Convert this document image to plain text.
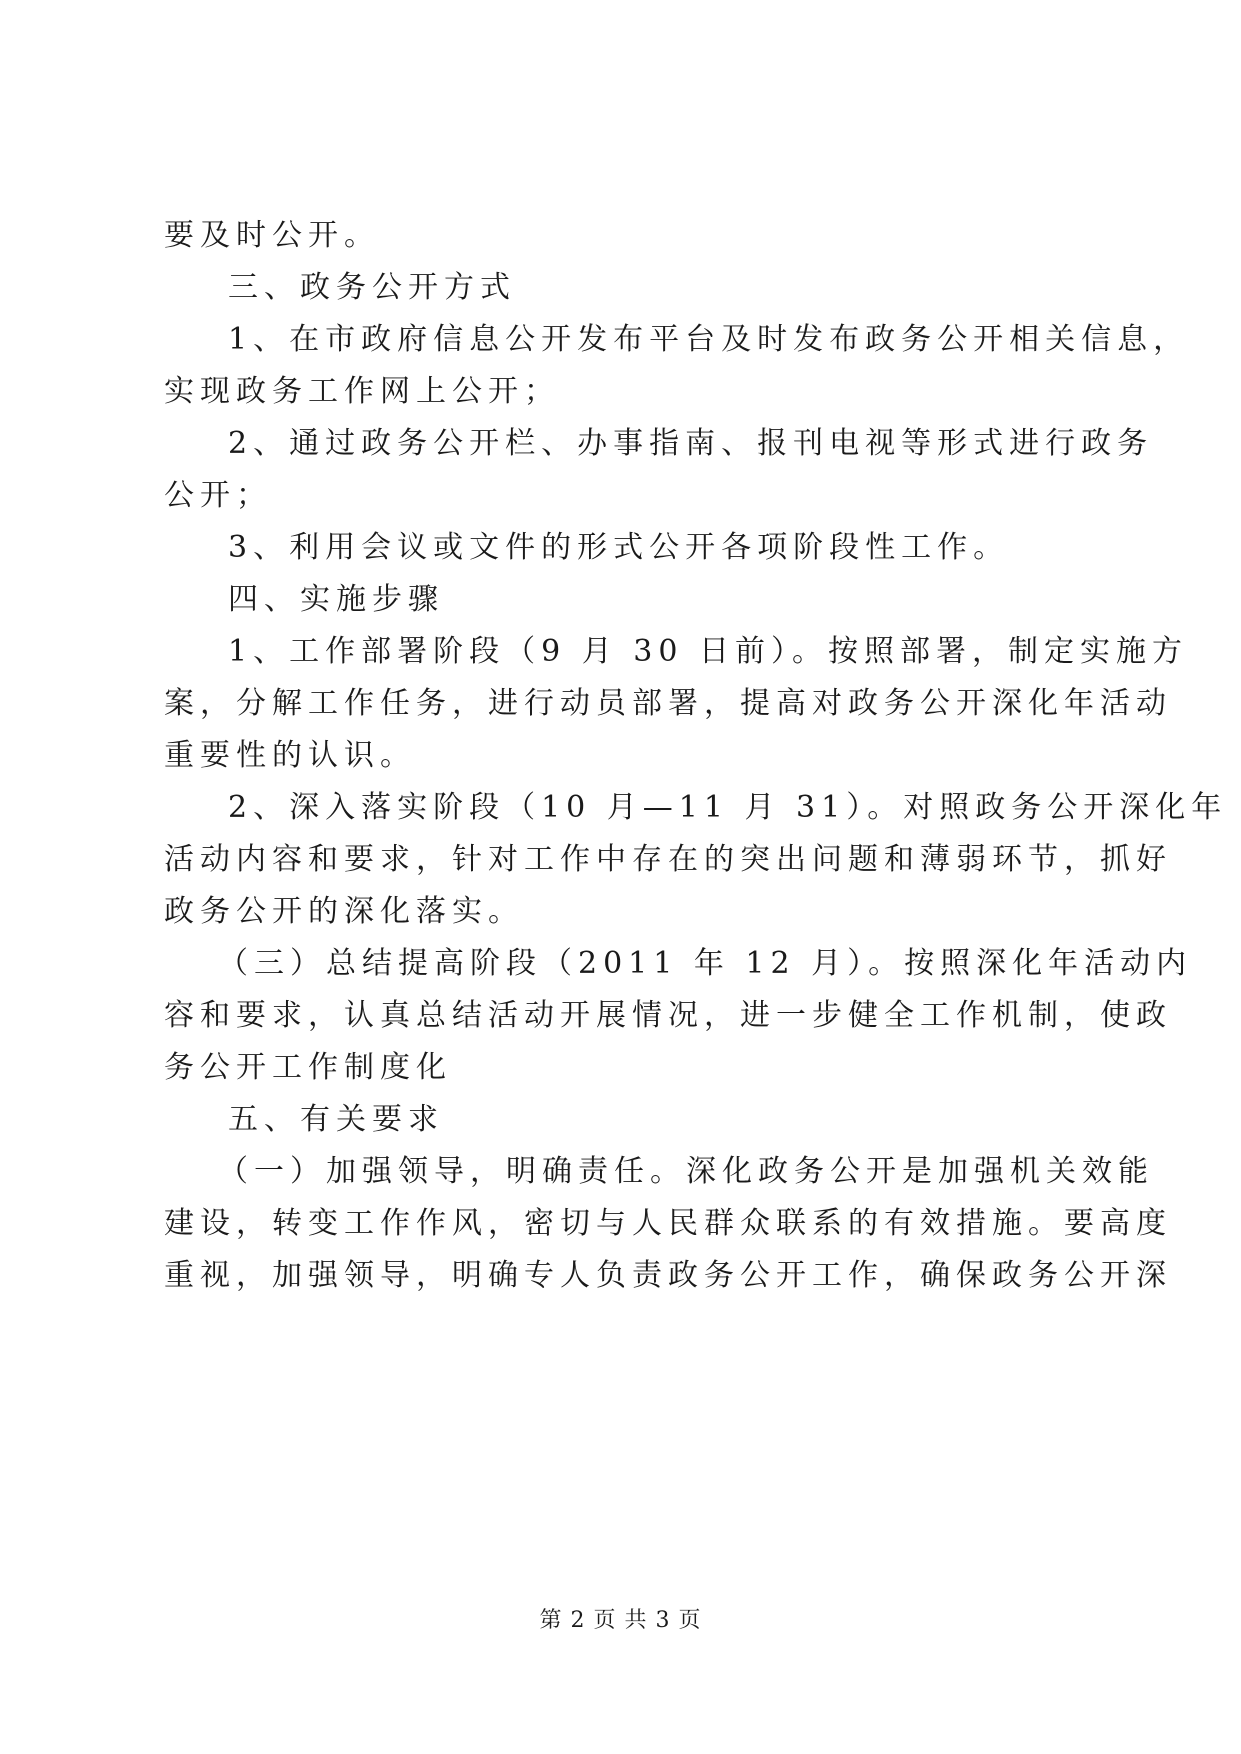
要及时公开。
三、政务公开方式
1、在市政府信息公开发布平台及时发布政务公开相关信息，
实现政务工作网上公开；
2、通过政务公开栏、办事指南、报刊电视等形式进行政务
公开；
3、利用会议或文件的形式公开各项阶段性工作。
四、实施步骤
1、工作部署阶段（9 月 30 日前）。按照部署，制定实施方
案，分解工作任务，进行动员部署，提高对政务公开深化年活动
重要性的认识。
2、深入落实阶段（10 月—11 月 31）。对照政务公开深化年
活动内容和要求，针对工作中存在的突出问题和薄弱环节，抓好
政务公开的深化落实。
（三）总结提高阶段（2011 年 12 月）。按照深化年活动内
容和要求，认真总结活动开展情况，进一步健全工作机制，使政
务公开工作制度化
五、有关要求
（一）加强领导，明确责任。深化政务公开是加强机关效能
建设，转变工作作风，密切与人民群众联系的有效措施。要高度
重视，加强领导，明确专人负责政务公开工作，确保政务公开深
第 2 页 共 3 页
